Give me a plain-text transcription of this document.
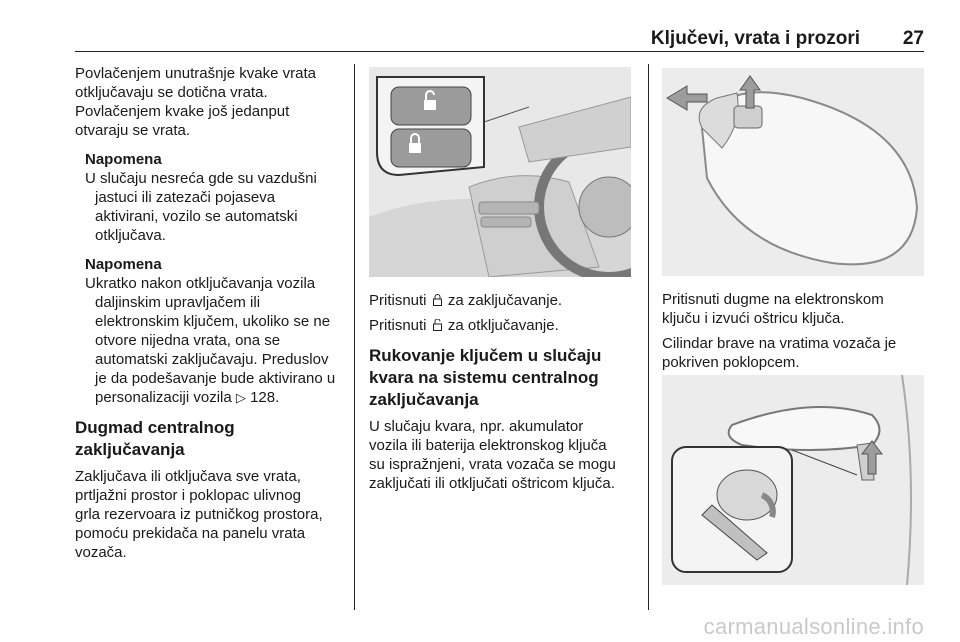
Ključevi, vrata i prozori 27

Povlačenjem unutrašnje kvake vrata

otključavaju se dotična vrata.

Povlačenjem kvake još jedanput

otvaraju se vrata.

Napomena

U slučaju nesreća gde su vazdušni

jastuci ili zatezači pojaseva

aktivirani, vozilo se automatski

otključava.

Napomena

Ukratko nakon otključavanja vozila

daljinskim upravljačem ili

elektronskim ključem, ukoliko se ne

otvore nijedna vrata, ona se

automatski zaključavaju. Preduslov

je da podešavanje bude aktivirano u

personalizaciji vozila ▷ 128.

Dugmad centralnog
zaključavanja

Zaključava ili otključava sve vrata,

prtljažni prostor i poklopac ulivnog

grla rezervoara iz putničkog prostora,

pomoću prekidača na panelu vrata

vozača.

Pritisnuti za zaključavanje.
Pritisnuti za otključavanje.
Rukovanje ključem u slučaju
kvara na sistemu centralnog
zaključavanja

U slučaju kvara, npr. akumulator

vozila ili baterija elektronskog ključa

su ispražnjeni, vrata vozača se mogu

zaključati ili otključati oštricom ključa.

Pritisnuti dugme na elektronskom

ključu i izvući oštricu ključa.

Cilindar brave na vratima vozača je

pokriven poklopcem.

carmanualsonline.info
